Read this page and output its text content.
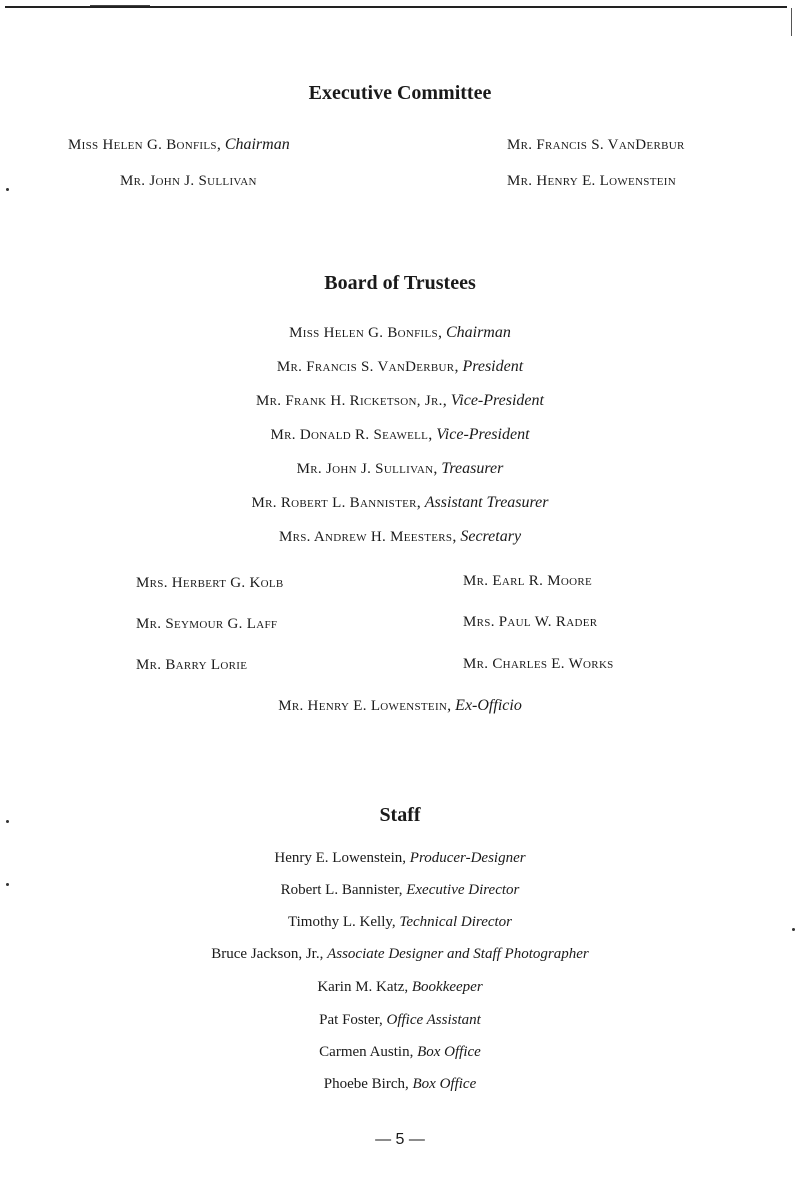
Executive Committee
Miss Helen G. Bonfils, Chairman
Mr. John J. Sullivan
Mr. Francis S. VanDerbur
Mr. Henry E. Lowenstein
Board of Trustees
Miss Helen G. Bonfils, Chairman
Mr. Francis S. VanDerbur, President
Mr. Frank H. Ricketson, Jr., Vice-President
Mr. Donald R. Seawell, Vice-President
Mr. John J. Sullivan, Treasurer
Mr. Robert L. Bannister, Assistant Treasurer
Mrs. Andrew H. Meesters, Secretary
Mrs. Herbert G. Kolb
Mr. Seymour G. Laff
Mr. Barry Lorie
Mr. Earl R. Moore
Mrs. Paul W. Rader
Mr. Charles E. Works
Mr. Henry E. Lowenstein, Ex-Officio
Staff
Henry E. Lowenstein, Producer-Designer
Robert L. Bannister, Executive Director
Timothy L. Kelly, Technical Director
Bruce Jackson, Jr., Associate Designer and Staff Photographer
Karin M. Katz, Bookkeeper
Pat Foster, Office Assistant
Carmen Austin, Box Office
Phoebe Birch, Box Office
— 5 —
